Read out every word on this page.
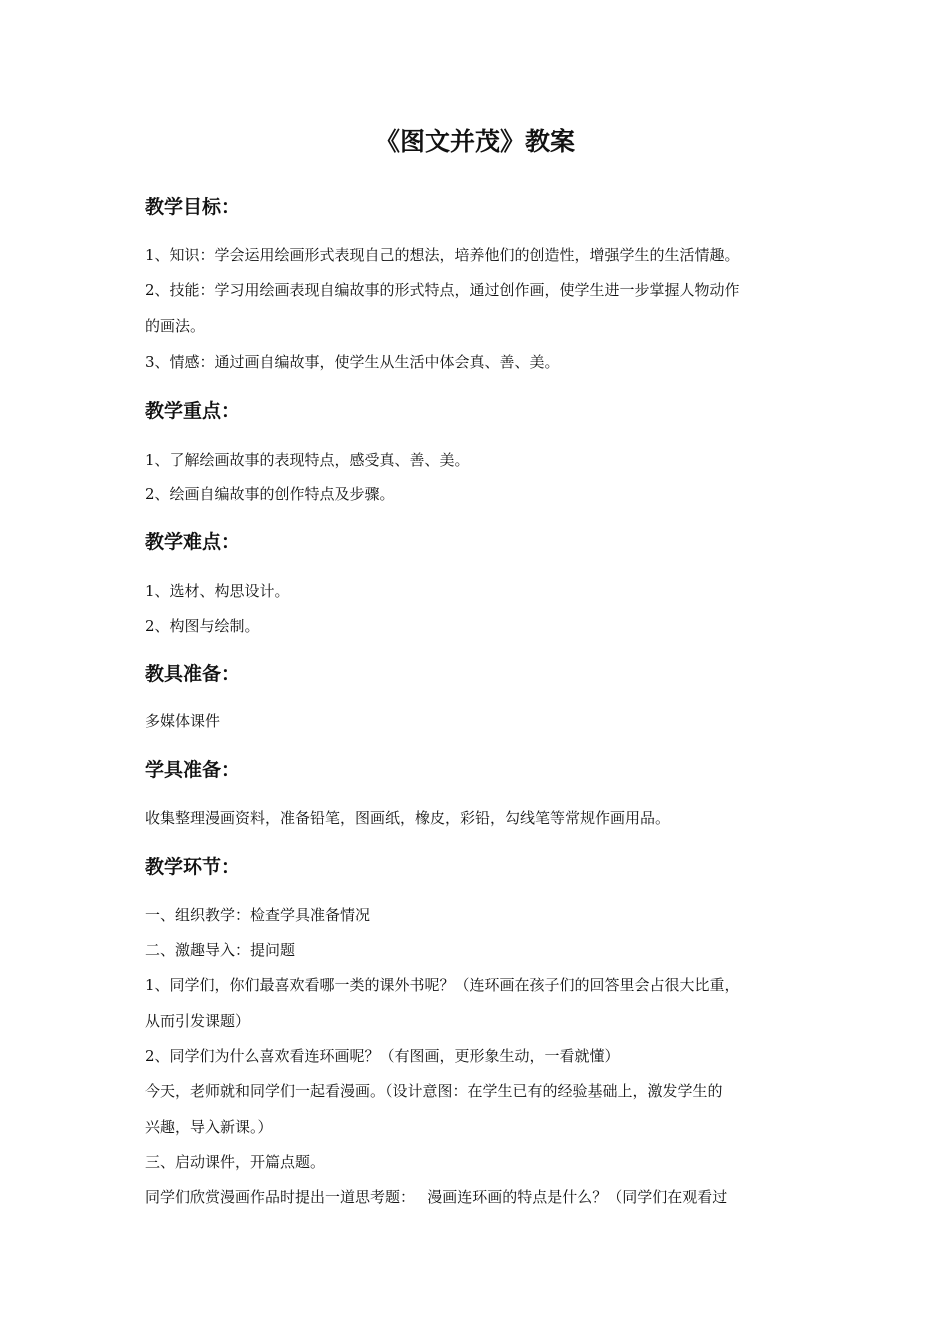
《图文并茂》教案
教学目标：
1、知识：学会运用绘画形式表现自己的想法，培养他们的创造性，增强学生的生活情趣。
2、技能：学习用绘画表现自编故事的形式特点，通过创作画，使学生进一步掌握人物动作
的画法。
3、情感：通过画自编故事，使学生从生活中体会真、善、美。
教学重点：
1、了解绘画故事的表现特点，感受真、善、美。
2、绘画自编故事的创作特点及步骤。
教学难点：
1、选材、构思设计。
2、构图与绘制。
教具准备：
多媒体课件
学具准备：
收集整理漫画资料，准备铅笔，图画纸，橡皮，彩铅，勾线笔等常规作画用品。
教学环节：
一、组织教学：检查学具准备情况
二、激趣导入：提问题
1、同学们，你们最喜欢看哪一类的课外书呢？（连环画在孩子们的回答里会占很大比重，
从而引发课题）
2、同学们为什么喜欢看连环画呢？（有图画，更形象生动，一看就懂）
今天，老师就和同学们一起看漫画。（设计意图：在学生已有的经验基础上，激发学生的
兴趣，导入新课。）
三、启动课件，开篇点题。
同学们欣赏漫画作品时提出一道思考题：　 漫画连环画的特点是什么？（同学们在观看过
